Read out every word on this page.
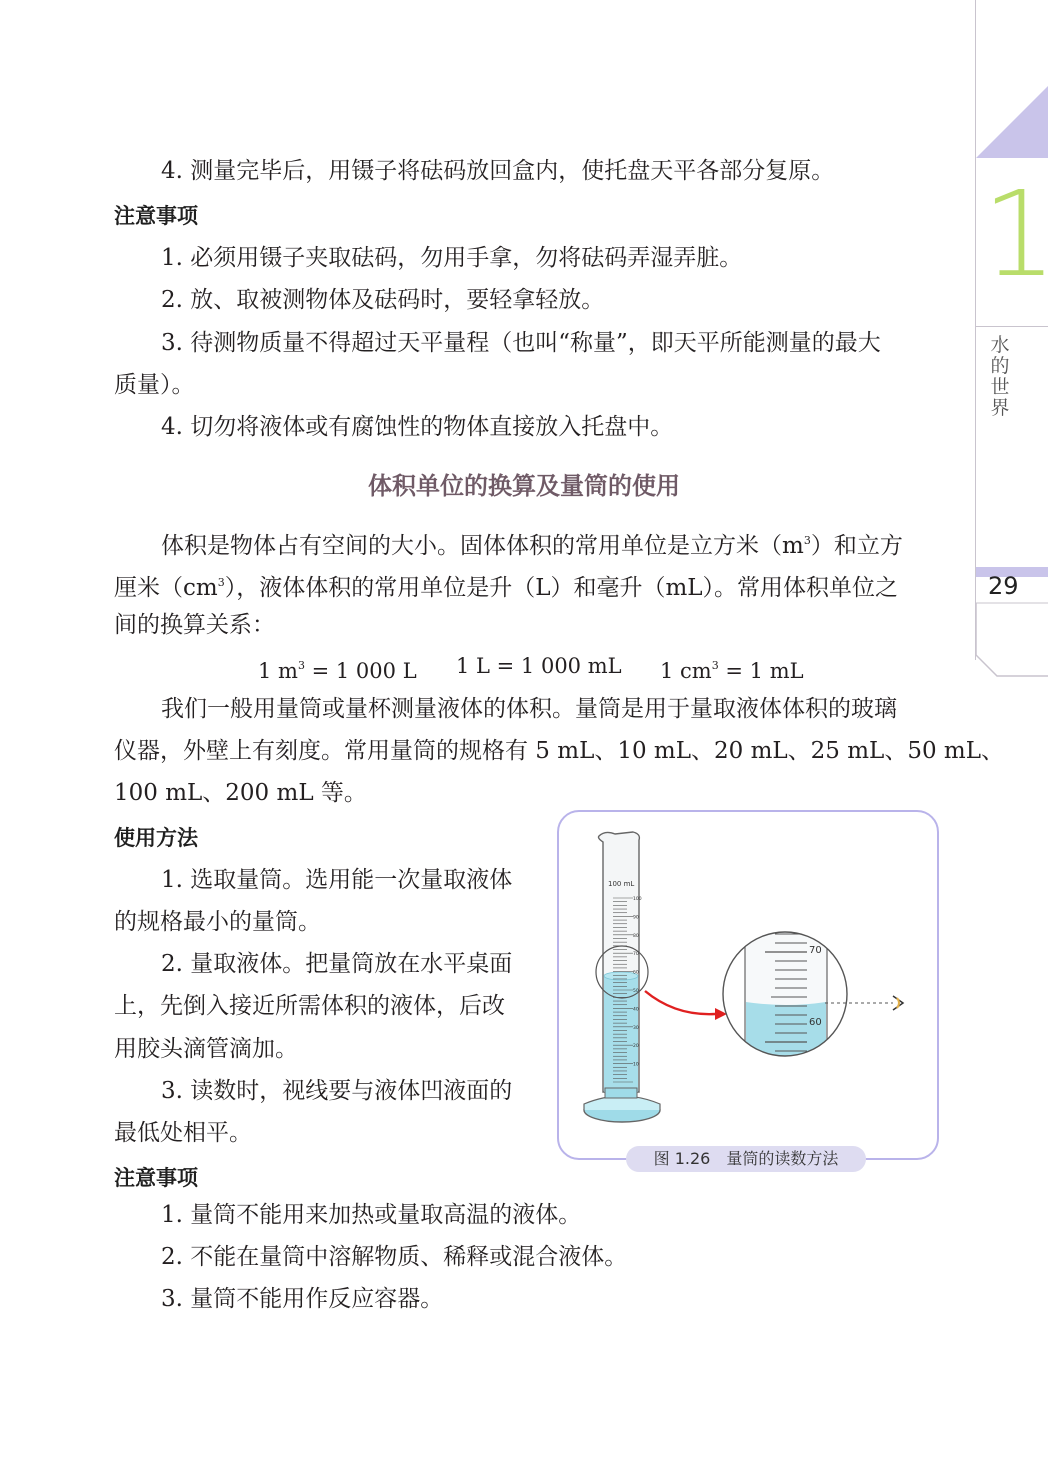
1
水的世界
29
4. 测量完毕后，用镊子将砝码放回盒内，使托盘天平各部分复原。
注意事项
1. 必须用镊子夹取砝码，勿用手拿，勿将砝码弄湿弄脏。
2. 放、取被测物体及砝码时，要轻拿轻放。
3. 待测物质量不得超过天平量程（也叫“称量”，即天平所能测量的最大
质量）。
4. 切勿将液体或有腐蚀性的物体直接放入托盘中。
体积单位的换算及量筒的使用
体积是物体占有空间的大小。固体体积的常用单位是立方米$(m^3)$和立方
厘米$(cm^3)$，液体体积的常用单位是升（L）和毫升（mL）。常用体积单位之
间的换算关系：
1 $m^3 = 1$ 000 L 1 L = 1 000 mL 1 $cm^3 = 1$ mL
我们一般用量筒或量杯测量液体的体积。量筒是用于量取液体体积的玻璃
仪器，外壁上有刻度。常用量筒的规格有 5 mL、10 mL、20 mL、25 mL、50 mL、
100 mL、200 mL 等。
使用方法
1. 选取量筒。选用能一次量取液体
的规格最小的量筒。
2. 量取液体。把量筒放在水平桌面
上，先倒入接近所需体积的液体，后改
用胶头滴管滴加。
3. 读数时，视线要与液体凹液面的
最低处相平。
注意事项
1. 量筒不能用来加热或量取高温的液体。
2. 不能在量筒中溶解物质、稀释或混合液体。
3. 量筒不能用作反应容器。
100
90
80
70
60
50
40
30
20
10
100 mL
70
60
图 1.26 量筒的读数方法
